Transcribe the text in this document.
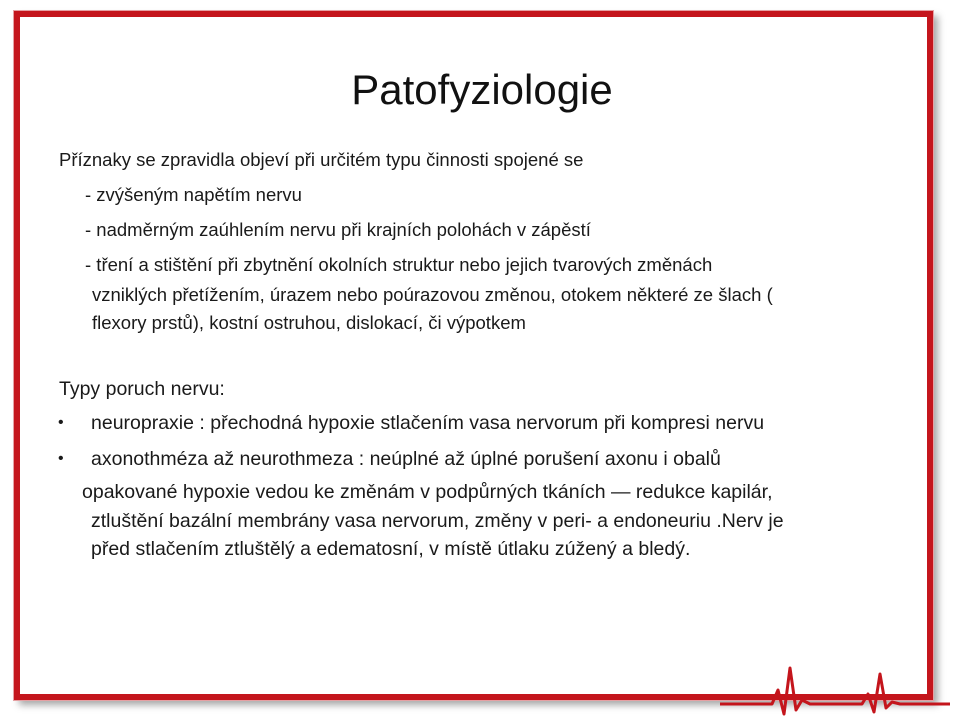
Patofyziologie
Příznaky se zpravidla objeví při určitém typu činnosti spojené se
- zvýšeným napětím nervu
- nadměrným zaúhlením nervu při krajních polohách v zápěstí
- tření a stištění při zbytnění okolních struktur nebo jejich tvarových změnách
vzniklých přetížením, úrazem nebo poúrazovou změnou, otokem některé ze šlach (
flexory prstů), kostní ostruhou, dislokací, či výpotkem
Typy poruch nervu:
• neuropraxie : přechodná hypoxie stlačením vasa nervorum při kompresi nervu
• axonothméza až neurothmeza : neúplné až úplné porušení axonu i obalů
opakované hypoxie vedou ke změnám v podpůrných tkáních — redukce kapilár,
ztluštění bazální membrány vasa nervorum, změny v peri- a endoneuriu .Nerv je
před stlačením ztluštělý a edematosní, v místě útlaku zúžený a bledý.
